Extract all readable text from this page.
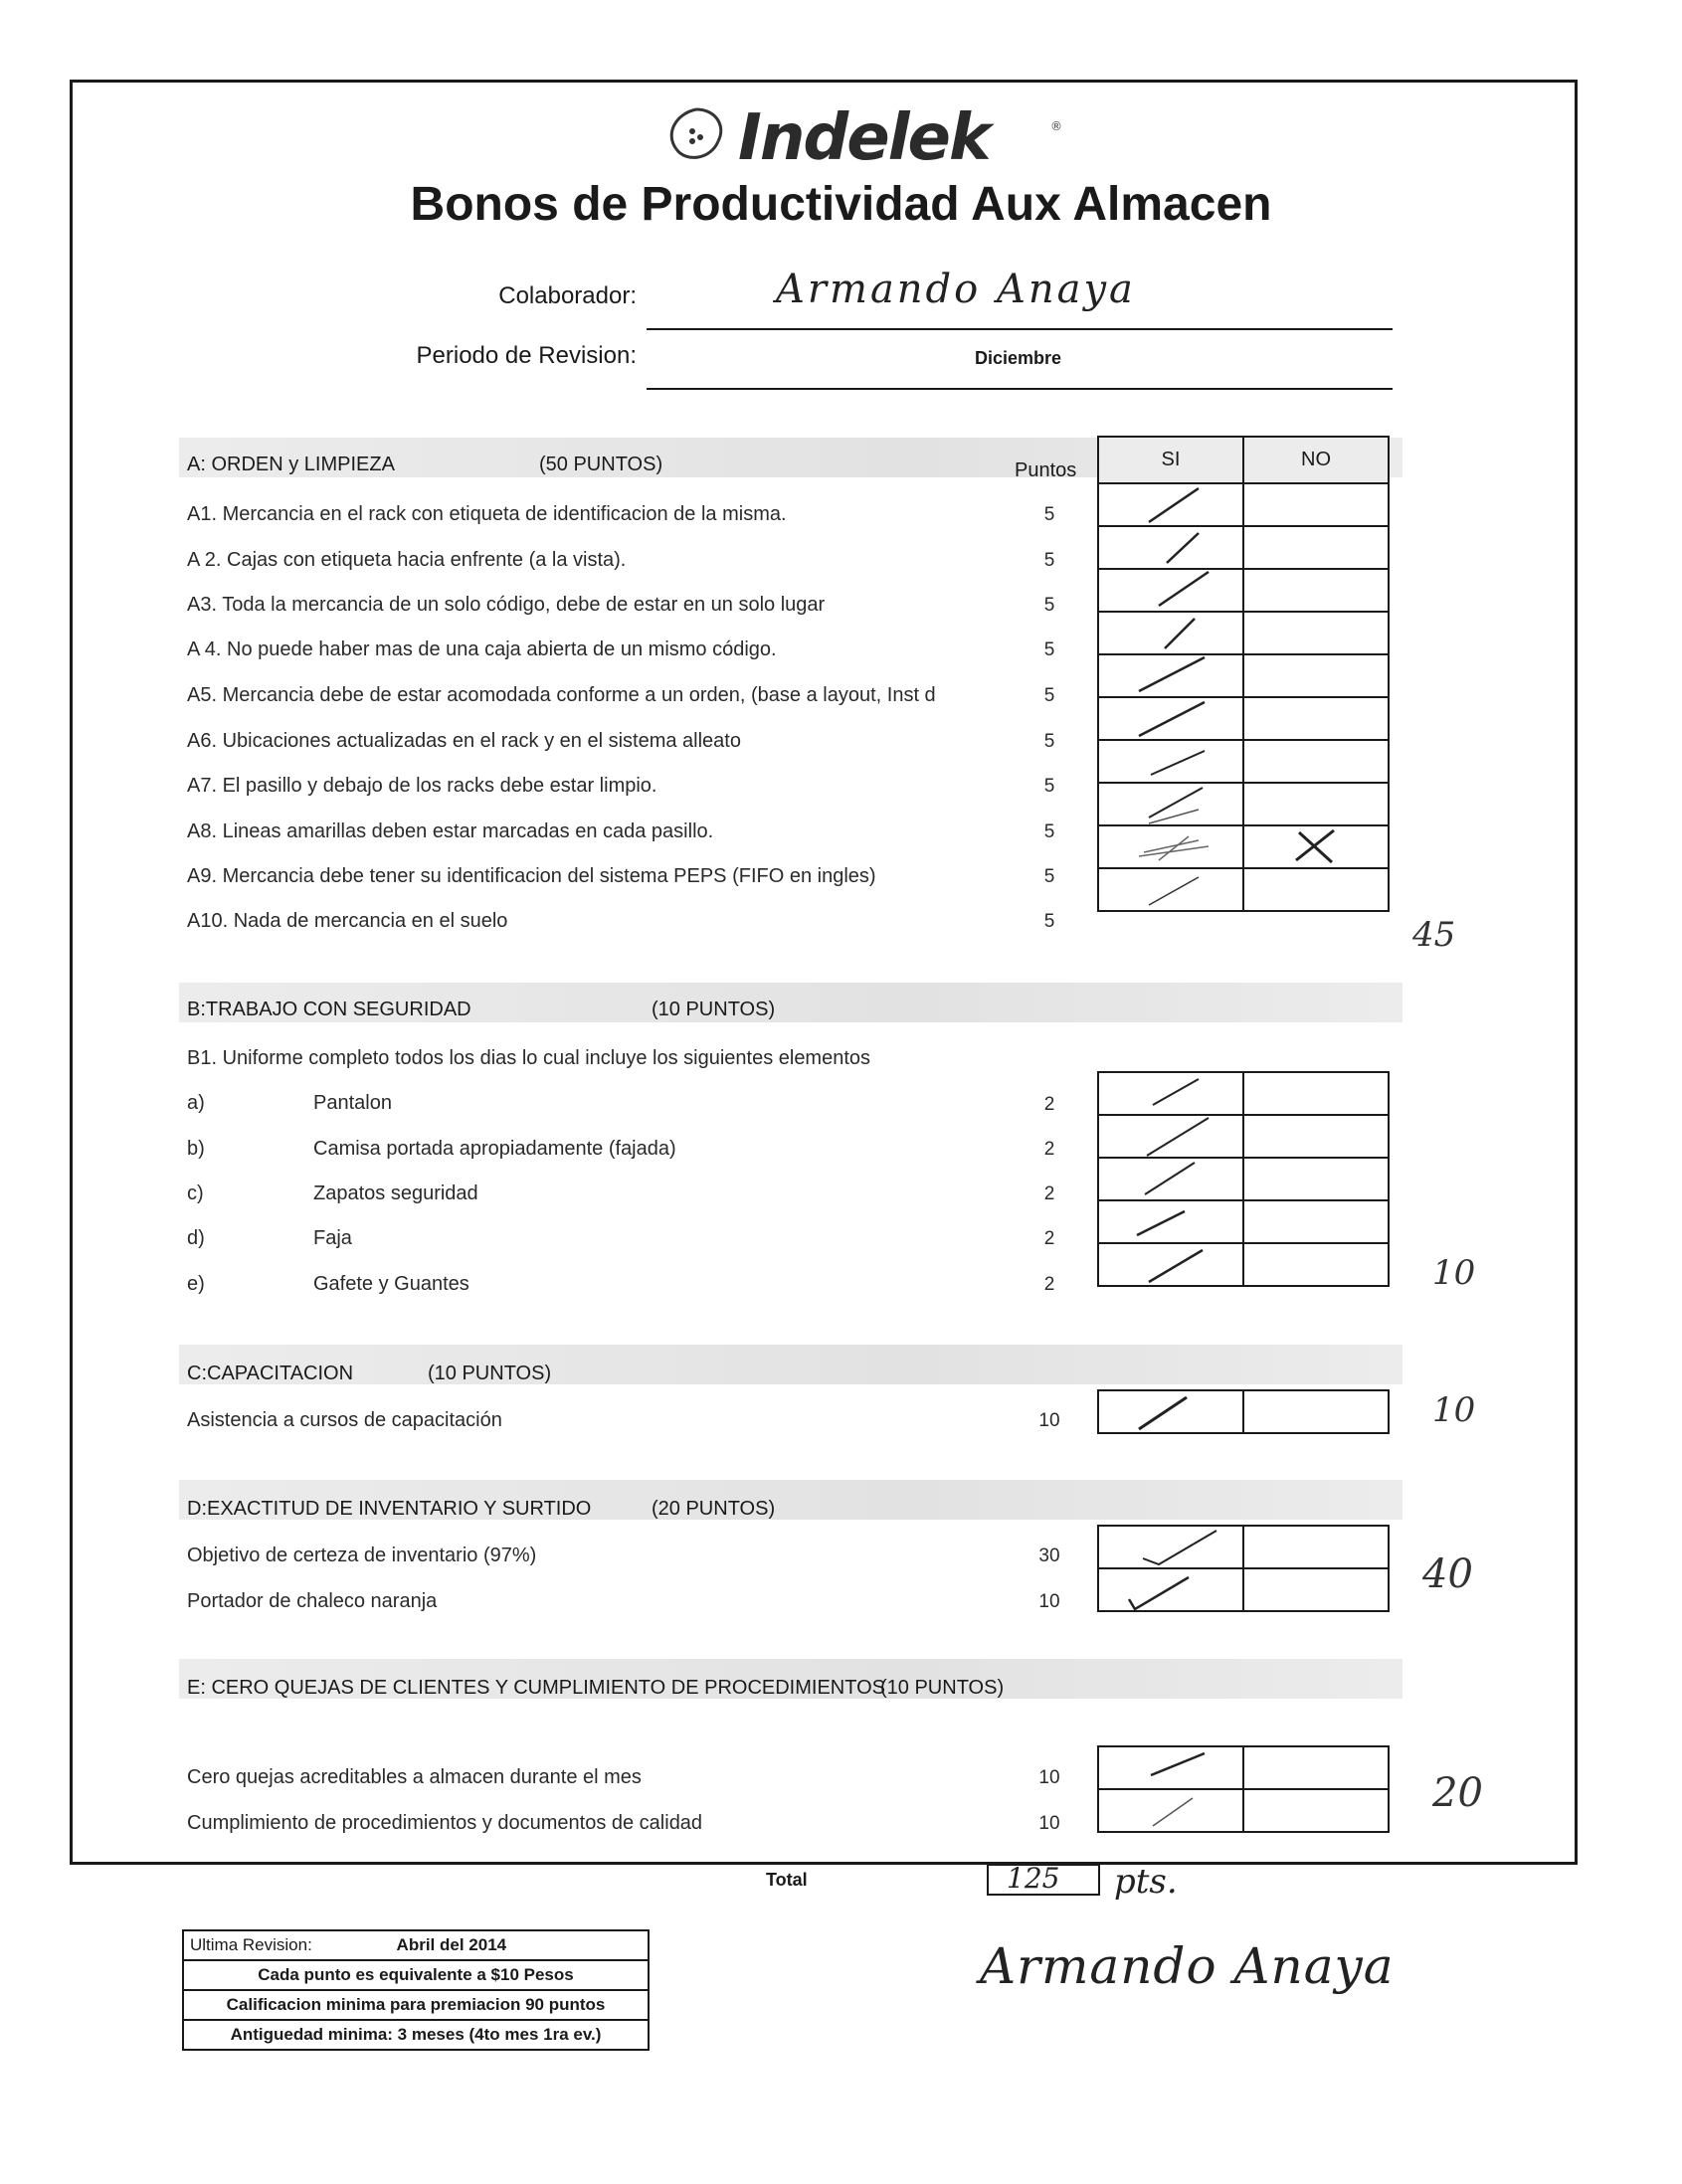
Indelek	®
Bonos de Productividad Aux Almacen
Colaborador:	Armando Anaya
Periodo de Revision:	Diciembre
A: ORDEN y LIMPIEZA	(50 PUNTOS)	Puntos	SI	NO

A1. Mercancia en el rack con etiqueta de identificacion de la misma.	5
A 2. Cajas con etiqueta hacia enfrente (a la vista).	5
A3. Toda la mercancia de un solo código, debe de estar en un solo lugar	5
A 4. No puede haber mas de una caja abierta de un mismo código.	5
A5. Mercancia debe de estar acomodada conforme a un orden, (base a layout, Inst d	5
A6. Ubicaciones actualizadas en el rack y en el sistema alleato	5
A7. El pasillo y debajo de los racks debe estar limpio.	5
A8. Lineas amarillas deben estar marcadas en cada pasillo.	5
A9. Mercancia debe tener su identificacion del sistema PEPS (FIFO en ingles)	5
A10. Nada de mercancia en el suelo	5	45
B:TRABAJO CON SEGURIDAD	(10 PUNTOS)
B1. Uniforme completo todos los dias lo cual incluye los siguientes elementos

a)	Pantalon	2
b)	Camisa portada apropiadamente (fajada)	2
c)	Zapatos seguridad	2
d)	Faja	2
e)	Gafete y Guantes	2	10
C:CAPACITACION	(10 PUNTOS)

Asistencia a cursos de capacitación	10	10
D:EXACTITUD DE INVENTARIO Y SURTIDO	(20 PUNTOS)

Objetivo de certeza de inventario (97%)	30
Portador de chaleco naranja	10
40
E: CERO QUEJAS DE CLIENTES Y CUMPLIMIENTO DE PROCEDIMIENTOS
(10 PUNTOS)

Cero quejas acreditables a almacen durante el mes	10
Cumplimiento de procedimientos y documentos de calidad	10
20
Total	125 pts.
Armando Anaya
Ultima Revision:	Abril del 2014
Cada punto es equivalente a $10 Pesos
Calificacion minima para premiacion 90 puntos
Antiguedad minima: 3 meses (4to mes 1ra ev.)
